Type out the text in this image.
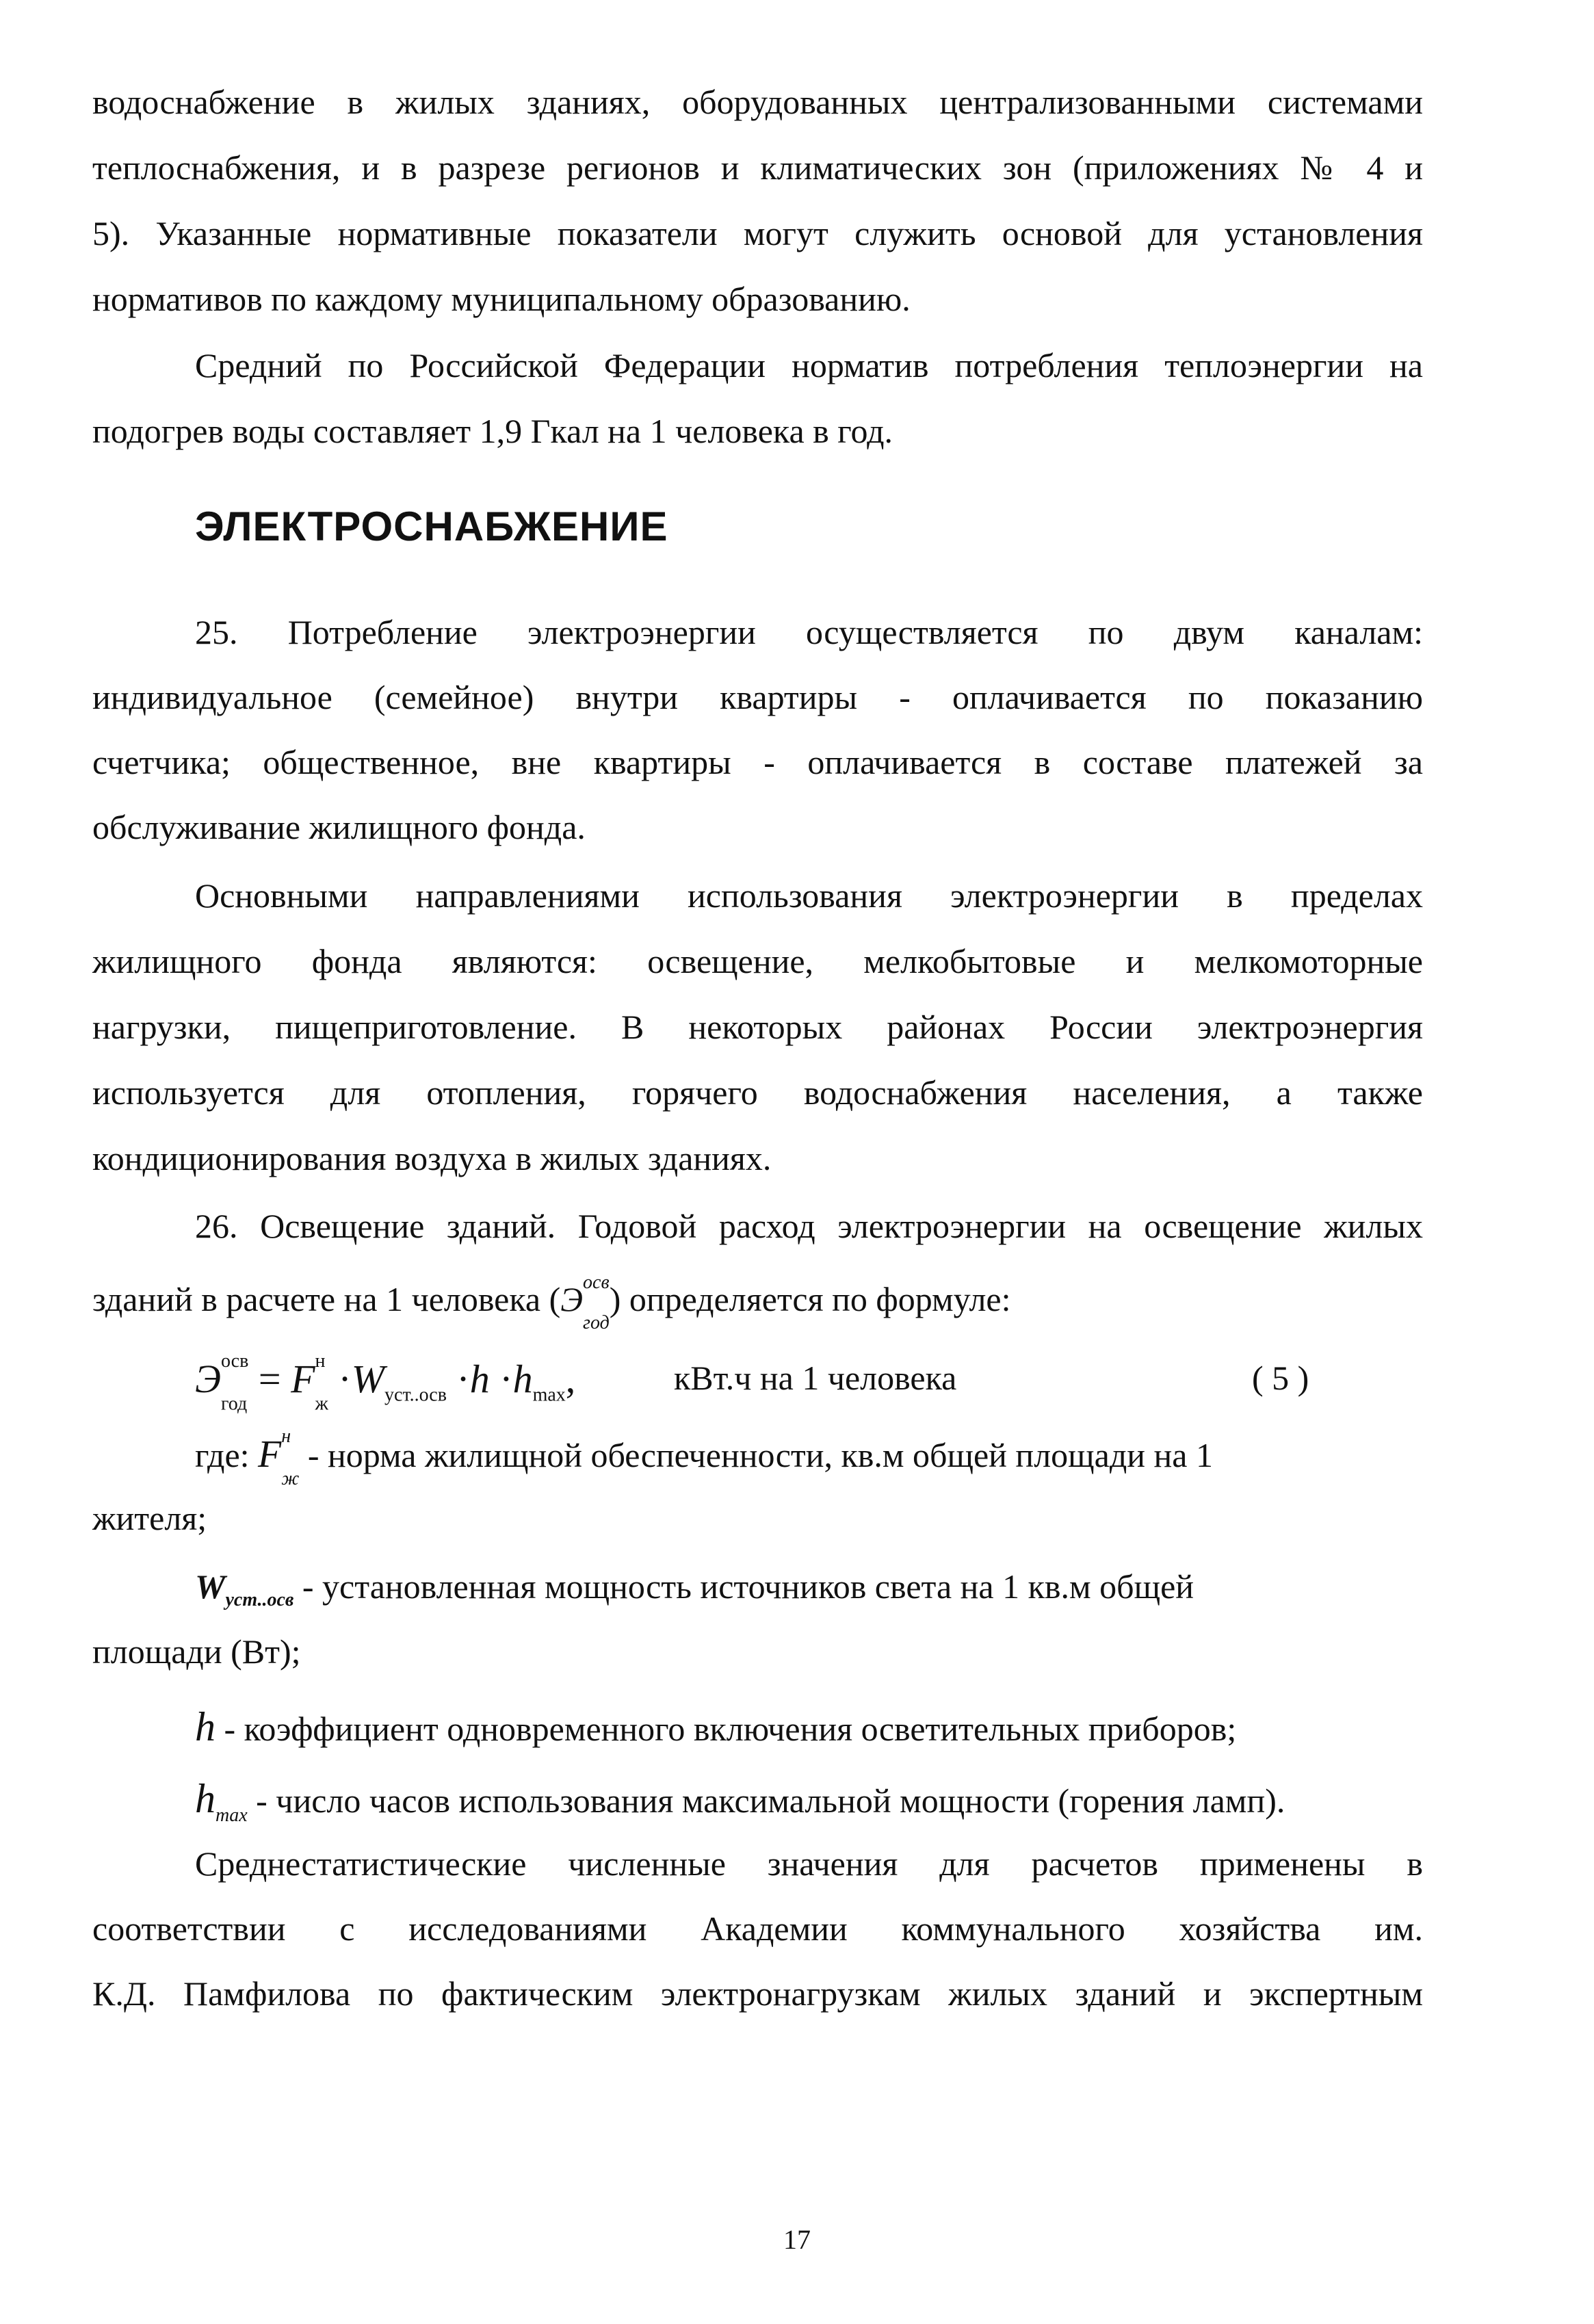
водоснабжение в жилых зданиях, оборудованных централизованными системами
теплоснабжения, и в разрезе регионов и климатических зон (приложениях № 4 и
5). Указанные нормативные показатели могут служить основой для установления
нормативов по каждому муниципальному образованию.
Средний по Российской Федерации норматив потребления теплоэнергии на
подогрев воды составляет 1,9 Гкал на 1 человека в год.
ЭЛЕКТРОСНАБЖЕНИЕ
25. Потребление электроэнергии осуществляется по двум каналам:
индивидуальное (семейное) внутри квартиры - оплачивается по показанию
счетчика; общественное, вне квартиры - оплачивается в составе платежей за
обслуживание жилищного фонда.
Основными направлениями использования электроэнергии в пределах
жилищного фонда являются: освещение, мелкобытовые и мелкомоторные
нагрузки, пищеприготовление. В некоторых районах России электроэнергия
используется для отопления, горячего водоснабжения населения, а также
кондиционирования воздуха в жилых зданиях.
26. Освещение зданий. Годовой расход электроэнергии на освещение жилых
зданий в расчете на 1 человека ($Э^{осв}$
$_{год}$) определяется по формуле:
$Э^{осв}$
$_{год} = F^н$
$_ж \cdot W_{уст..осв} \cdot h \cdot h_{max}$,	кВт.ч на 1 человека	( 5 )
где: $F^н$
$_ж$ - норма жилищной обеспеченности, кв.м общей площади на 1
жителя;
$W_{уст..осв}$ - установленная мощность источников света на 1 кв.м общей
площади (Вт);
h - коэффициент одновременного включения осветительных приборов;
$h_{max}$ - число часов использования максимальной мощности (горения ламп).
Среднестатистические численные значения для расчетов применены в
соответствии с исследованиями Академии коммунального хозяйства им.
К.Д. Памфилова по фактическим электронагрузкам жилых зданий и экспертным
17
